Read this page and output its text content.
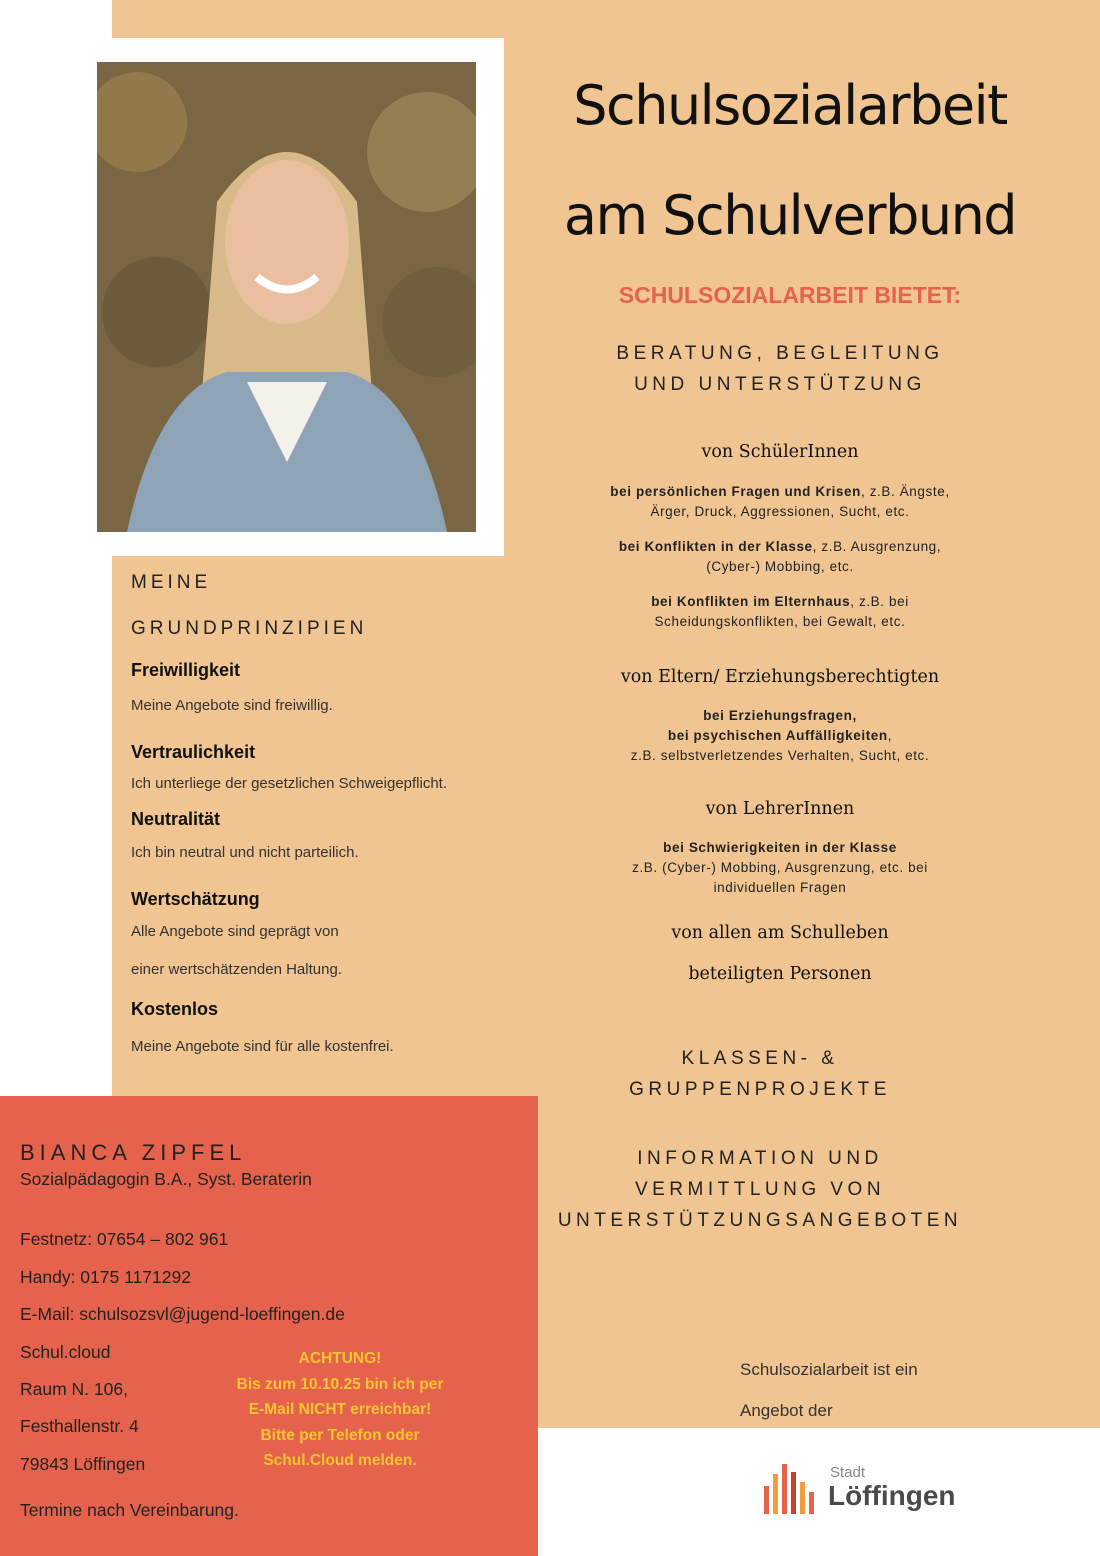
Schulsozialarbeit
am Schulverbund
SCHULSOZIALARBEIT BIETET:
BERATUNG, BEGLEITUNG
UND UNTERSTÜTZUNG
von SchülerInnen
bei persönlichen Fragen und Krisen, z.B. Ängste,
Ärger, Druck, Aggressionen, Sucht, etc.
bei Konflikten in der Klasse, z.B. Ausgrenzung,
(Cyber-) Mobbing, etc.
bei Konflikten im Elternhaus, z.B. bei
Scheidungskonflikten, bei Gewalt, etc.
von Eltern/ Erziehungsberechtigten
bei Erziehungsfragen,
bei psychischen Auffälligkeiten,
z.B. selbstverletzendes Verhalten, Sucht, etc.
von LehrerInnen
bei Schwierigkeiten in der Klasse
z.B. (Cyber-) Mobbing, Ausgrenzung, etc. bei
individuellen Fragen
von allen am Schulleben
beteiligten Personen
KLASSEN- &
GRUPPENPROJEKTE
INFORMATION UND
VERMITTLUNG VON
UNTERSTÜTZUNGSANGEBOTEN
MEINE
GRUNDPRINZIPIEN
Freiwilligkeit
Meine Angebote sind freiwillig.
Vertraulichkeit
Ich unterliege der gesetzlichen Schweigepflicht.
Neutralität
Ich bin neutral und nicht parteilich.
Wertschätzung
Alle Angebote sind geprägt von
einer wertschätzenden Haltung.
Kostenlos
Meine Angebote sind für alle kostenfrei.
BIANCA ZIPFEL
Sozialpädagogin B.A., Syst. Beraterin
Festnetz: 07654 – 802 961
Handy: 0175 1171292
E-Mail: schulsozsvl@jugend-loeffingen.de
Schul.cloud
Raum N. 106,
Festhallenstr. 4
79843 Löffingen
Termine nach Vereinbarung.
ACHTUNG!
Bis zum 10.10.25 bin ich per
E-Mail NICHT erreichbar!
Bitte per Telefon oder
Schul.Cloud melden.
Schulsozialarbeit ist ein
Angebot der
Stadt
Löffingen
